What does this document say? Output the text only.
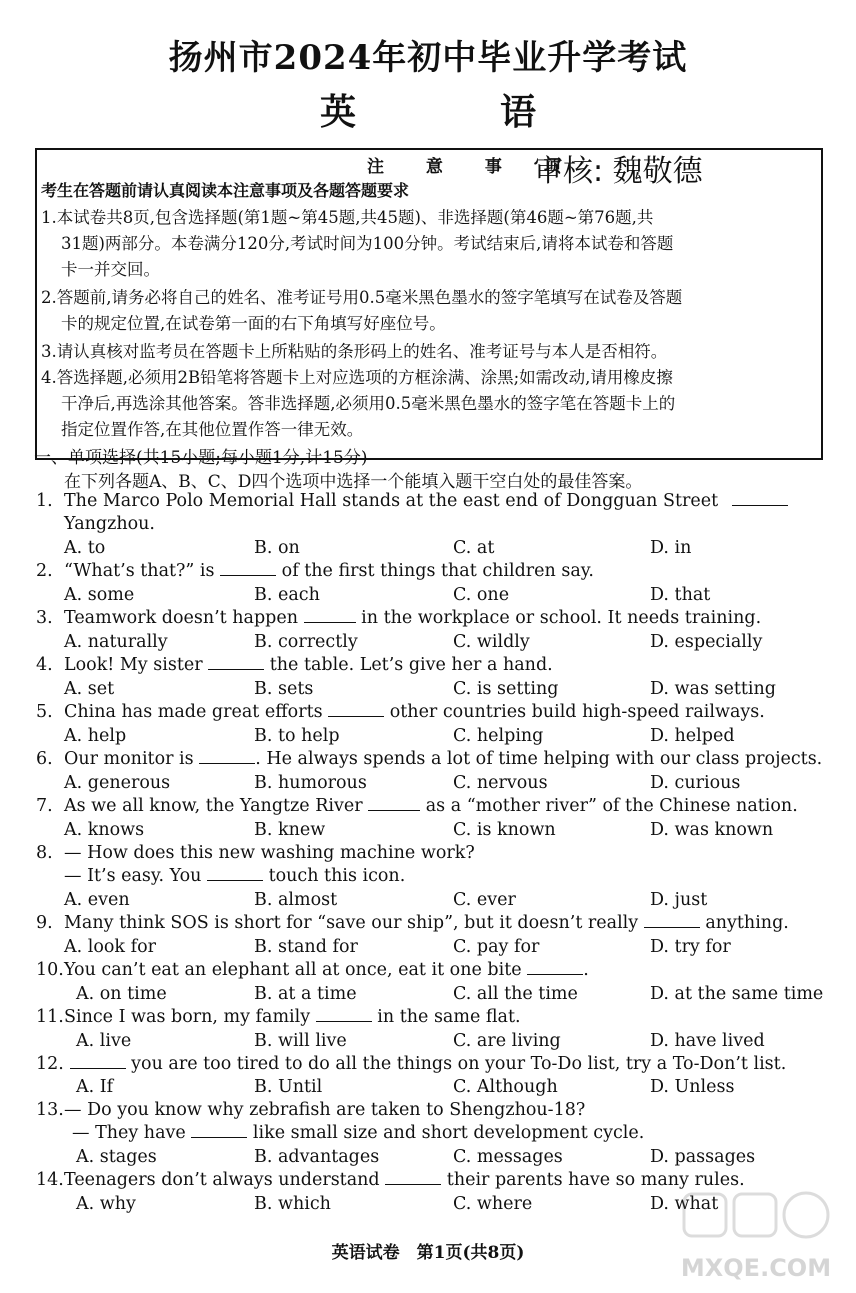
扬州市2024年初中毕业升学考试
英　语
注 意 事 项
审核: 魏敬德
考生在答题前请认真阅读本注意事项及各题答题要求
1.本试卷共8页,包含选择题(第1题~第45题,共45题)、非选择题(第46题~第76题,共
31题)两部分。本卷满分120分,考试时间为100分钟。考试结束后,请将本试卷和答题
卡一并交回。
2.答题前,请务必将自己的姓名、准考证号用0.5毫米黑色墨水的签字笔填写在试卷及答题
卡的规定位置,在试卷第一面的右下角填写好座位号。
3.请认真核对监考员在答题卡上所粘贴的条形码上的姓名、准考证号与本人是否相符。
4.答选择题,必须用2B铅笔将答题卡上对应选项的方框涂满、涂黑;如需改动,请用橡皮擦
干净后,再选涂其他答案。答非选择题,必须用0.5毫米黑色墨水的签字笔在答题卡上的
指定位置作答,在其他位置作答一律无效。
一、单项选择(共15小题;每小题1分,计15分)
在下列各题A、B、C、D四个选项中选择一个能填入题干空白处的最佳答案。
1. The Marco Polo Memorial Hall stands at the east end of Dongguan Street
Yangzhou.
A. to	B. on	C. at	D. in
2. “What’s that?” is	of the first things that children say.
A. some	B. each	C. one	D. that
3. Teamwork doesn’t happen	in the workplace or school. It needs training.
A. naturally	B. correctly	C. wildly	D. especially
4. Look! My sister	the table. Let’s give her a hand.
A. set	B. sets	C. is setting	D. was setting
5. China has made great efforts	other countries build high-speed railways.
A. help	B. to help	C. helping	D. helped
6. Our monitor is	. He always spends a lot of time helping with our class projects.
A. generous	B. humorous	C. nervous	D. curious
7. As we all know, the Yangtze River	as a “mother river” of the Chinese nation.
A. knows	B. knew	C. is known	D. was known
8. — How does this new washing machine work?
— It’s easy. You	touch this icon.
A. even	B. almost	C. ever	D. just
9. Many think SOS is short for “save our ship”, but it doesn’t really	anything.
A. look for	B. stand for	C. pay for	D. try for
10.You can’t eat an elephant all at once, eat it one bite	.
A. on time	B. at a time	C. all the time	D. at the same time
11.Since I was born, my family	in the same flat.
A. live	B. will live	C. are living	D. have lived
12.	you are too tired to do all the things on your To-Do list, try a To-Don’t list.
A. If	B. Until	C. Although	D. Unless
13.— Do you know why zebrafish are taken to Shengzhou-18?
— They have	like small size and short development cycle.
A. stages	B. advantages	C. messages	D. passages
14.Teenagers don’t always understand	their parents have so many rules.
A. why	B. which	C. where	D. what
英语试卷　第1页(共8页)
MXQE.COM
